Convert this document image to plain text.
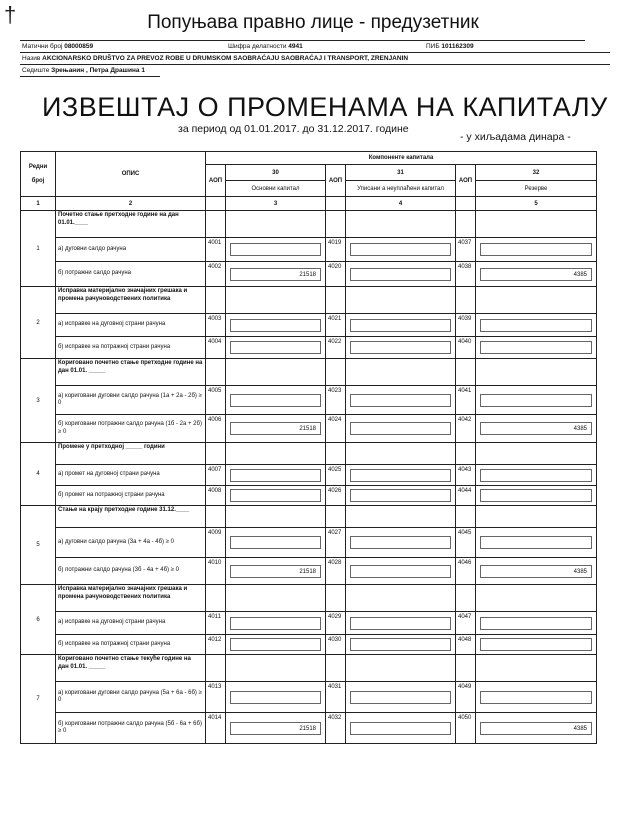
†	Попуњава правно лице - предузетник
Матични број 08000859	Шифра делатности 4941	ПИБ 101162309
Назив AKCIONARSKO DRUŠTVO ZA PREVOZ ROBE U DRUMSKOM SAOBRAĆAJU SAOBRAĆAJ I TRANSPORT, ZRENJANIN
Седиште Зрењанин , Петра Драшина 1
ИЗВЕШТАЈ О ПРОМЕНАМА НА КАПИТАЛУ
за период од 01.01.2017. до 31.12.2017. године
- у хиљадама динара -
Редни
број	ОПИС	Компоненте капитала					
		АОП	30	АОП	31	АОП	32
			Основни капитал		Уписани а неуплаћени капитал		Резерве
1	2		3		4		5
1	Почетно стање претходне године на дан 01.01.____						
	а) дуговни салдо рачуна	4001		4019		4037	

	б) потражни салдо рачуна	4002	21518	4020		4038	4385

2	Исправка материјално значајних грешака и промена рачуноводствених политика						
	а) исправке на дуговној страни рачуна	4003		4021		4039	

	б) исправке на потражној страни рачуна	4004		4022		4040	

3	Кориговано почетно стање претходне године на дан 01.01. _____						
	а) кориговани дуговни салдо рачуна (1а + 2а - 2б) ≥ 0	4005		4023		4041	

	б) кориговани потражни салдо рачуна (1б - 2а + 2б) ≥ 0	4006	21518	4024		4042	4385

4	Промене у претходној _____ години						
	а) промет на дуговној страни рачуна	4007		4025		4043	

	б) промет на потражној страни рачуна	4008		4026		4044	

5	Стање на крају претходне године 31.12.____						
	а) дуговни салдо рачуна (3а + 4а - 4б) ≥ 0	4009		4027		4045	

	б) потражни салдо рачуна (3б - 4а + 4б) ≥ 0	4010	21518	4028		4046	4385

6	Исправка материјално значајних грешака и промена рачуноводствених политика						
	а) исправке на дуговној страни рачуна	4011		4029		4047	

	б) исправке на потражној страни рачуна	4012		4030		4048	

7	Кориговано почетно стање текуће године на дан 01.01. _____						
	а) кориговани дуговни салдо рачуна (5а + 6а - 6б) ≥ 0	4013		4031		4049	

	б) кориговани потражни салдо рачуна (5б - 6а + 6б) ≥ 0	4014	21518	4032		4050	4385
